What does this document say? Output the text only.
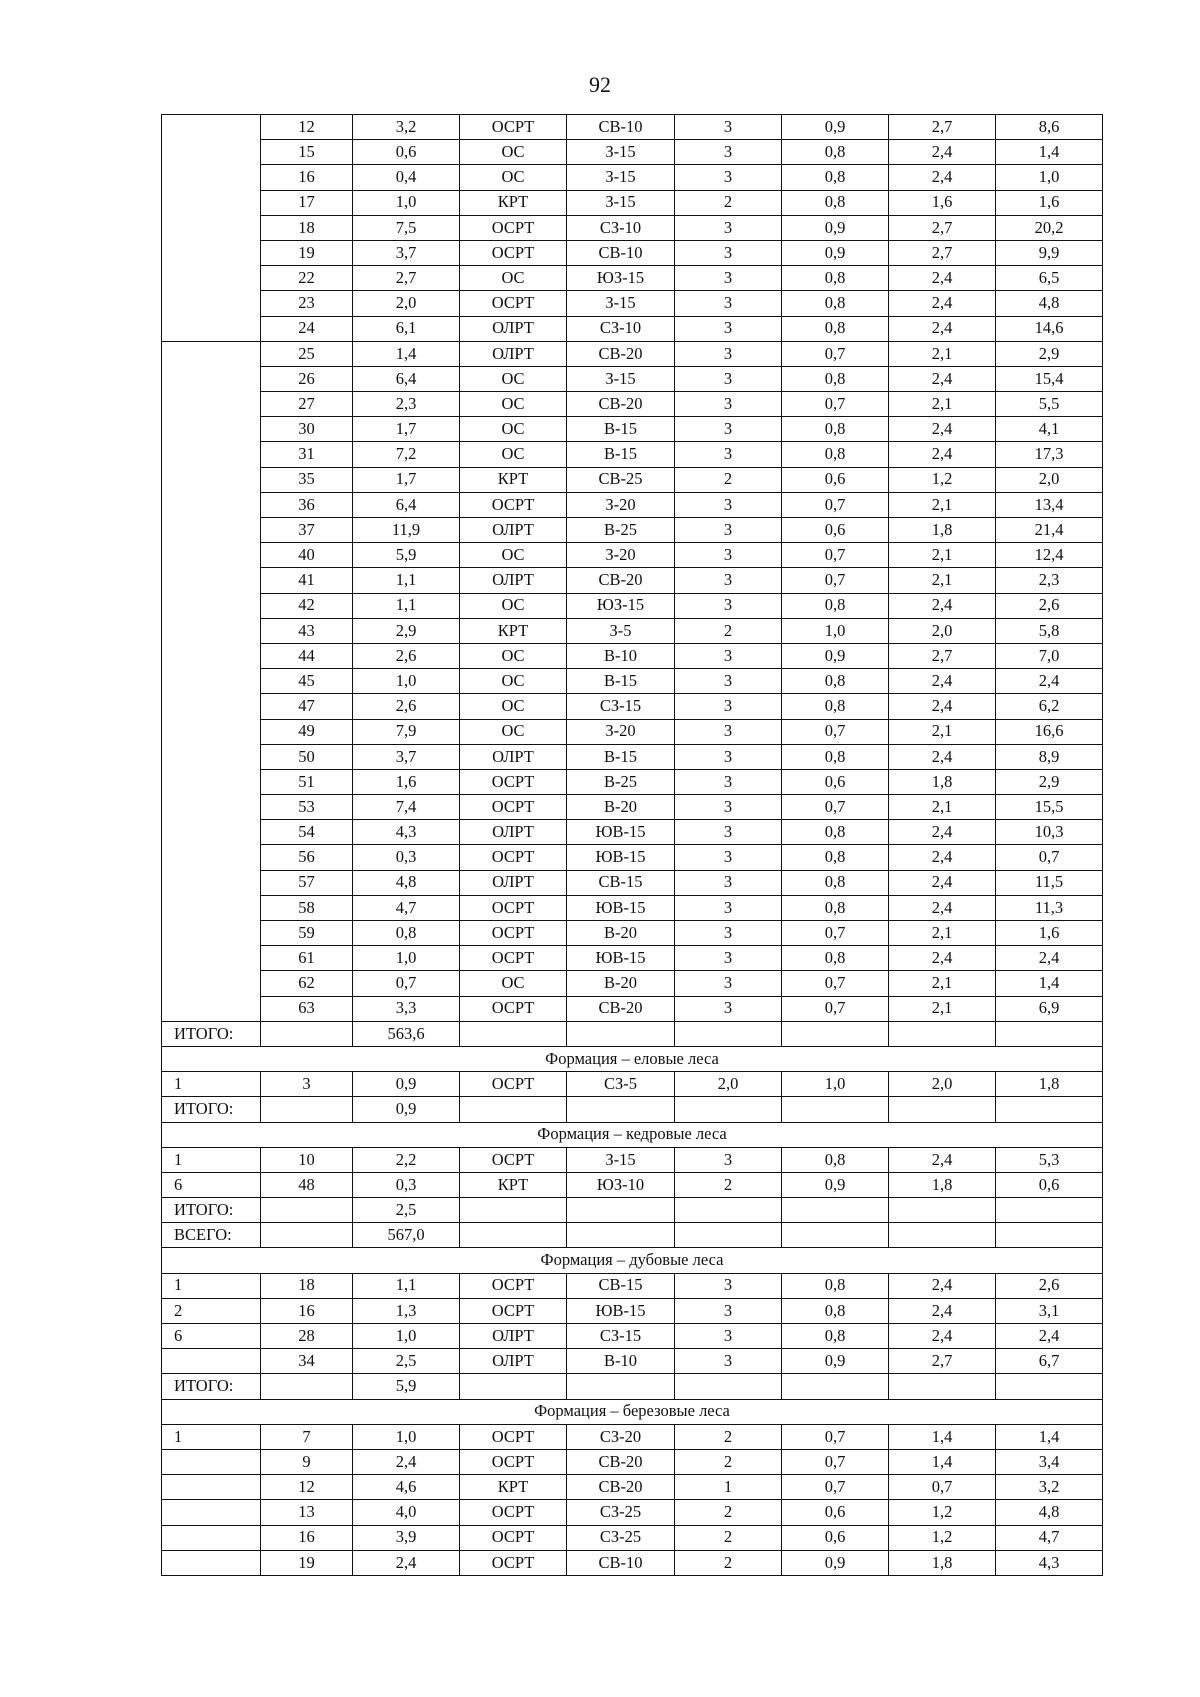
92
	12	3,2	ОСРТ	СВ-10	3	0,9	2,7	8,6
	15	0,6	ОС	З-15	3	0,8	2,4	1,4
	16	0,4	ОС	З-15	3	0,8	2,4	1,0
	17	1,0	КРТ	З-15	2	0,8	1,6	1,6
	18	7,5	ОСРТ	СЗ-10	3	0,9	2,7	20,2
	19	3,7	ОСРТ	СВ-10	3	0,9	2,7	9,9
	22	2,7	ОС	ЮЗ-15	3	0,8	2,4	6,5
	23	2,0	ОСРТ	З-15	3	0,8	2,4	4,8
	24	6,1	ОЛРТ	СЗ-10	3	0,8	2,4	14,6
	25	1,4	ОЛРТ	СВ-20	3	0,7	2,1	2,9
	26	6,4	ОС	З-15	3	0,8	2,4	15,4
	27	2,3	ОС	СВ-20	3	0,7	2,1	5,5
	30	1,7	ОС	В-15	3	0,8	2,4	4,1
	31	7,2	ОС	В-15	3	0,8	2,4	17,3
	35	1,7	КРТ	СВ-25	2	0,6	1,2	2,0
	36	6,4	ОСРТ	З-20	3	0,7	2,1	13,4
	37	11,9	ОЛРТ	В-25	3	0,6	1,8	21,4
	40	5,9	ОС	З-20	3	0,7	2,1	12,4
	41	1,1	ОЛРТ	СВ-20	3	0,7	2,1	2,3
	42	1,1	ОС	ЮЗ-15	3	0,8	2,4	2,6
	43	2,9	КРТ	З-5	2	1,0	2,0	5,8
	44	2,6	ОС	В-10	3	0,9	2,7	7,0
	45	1,0	ОС	В-15	3	0,8	2,4	2,4
	47	2,6	ОС	СЗ-15	3	0,8	2,4	6,2
	49	7,9	ОС	З-20	3	0,7	2,1	16,6
	50	3,7	ОЛРТ	В-15	3	0,8	2,4	8,9
	51	1,6	ОСРТ	В-25	3	0,6	1,8	2,9
	53	7,4	ОСРТ	В-20	3	0,7	2,1	15,5
	54	4,3	ОЛРТ	ЮВ-15	3	0,8	2,4	10,3
	56	0,3	ОСРТ	ЮВ-15	3	0,8	2,4	0,7
	57	4,8	ОЛРТ	СВ-15	3	0,8	2,4	11,5
	58	4,7	ОСРТ	ЮВ-15	3	0,8	2,4	11,3
	59	0,8	ОСРТ	В-20	3	0,7	2,1	1,6
	61	1,0	ОСРТ	ЮВ-15	3	0,8	2,4	2,4
	62	0,7	ОС	В-20	3	0,7	2,1	1,4
	63	3,3	ОСРТ	СВ-20	3	0,7	2,1	6,9
ИТОГО:		563,6						
Формация – еловые леса								
1	3	0,9	ОСРТ	СЗ-5	2,0	1,0	2,0	1,8
ИТОГО:		0,9						
Формация – кедровые леса								
1	10	2,2	ОСРТ	З-15	3	0,8	2,4	5,3
6	48	0,3	КРТ	ЮЗ-10	2	0,9	1,8	0,6
ИТОГО:		2,5						
ВСЕГО:		567,0						
Формация – дубовые леса								
1	18	1,1	ОСРТ	СВ-15	3	0,8	2,4	2,6
2	16	1,3	ОСРТ	ЮВ-15	3	0,8	2,4	3,1
6	28	1,0	ОЛРТ	СЗ-15	3	0,8	2,4	2,4
	34	2,5	ОЛРТ	В-10	3	0,9	2,7	6,7
ИТОГО:		5,9						
Формация – березовые леса								
1	7	1,0	ОСРТ	СЗ-20	2	0,7	1,4	1,4
	9	2,4	ОСРТ	СВ-20	2	0,7	1,4	3,4
	12	4,6	КРТ	СВ-20	1	0,7	0,7	3,2
	13	4,0	ОСРТ	СЗ-25	2	0,6	1,2	4,8
	16	3,9	ОСРТ	СЗ-25	2	0,6	1,2	4,7
	19	2,4	ОСРТ	СВ-10	2	0,9	1,8	4,3
